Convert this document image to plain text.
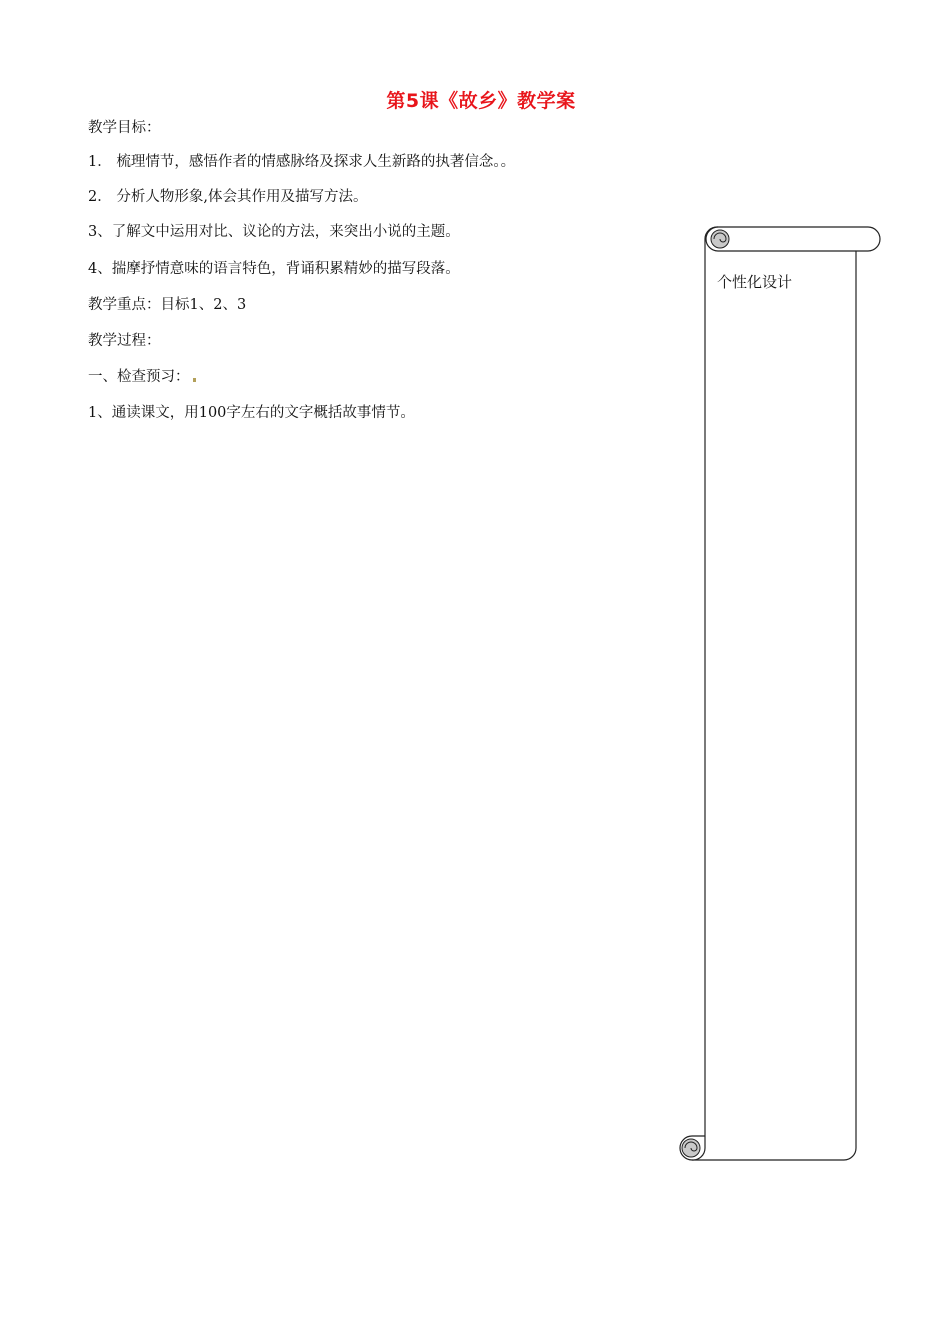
第5课《故乡》教学案
教学目标：
1． 梳理情节，感悟作者的情感脉络及探求人生新路的执著信念。。
2． 分析人物形象,体会其作用及描写方法。
3、了解文中运用对比、议论的方法，来突出小说的主题。
4、揣摩抒情意味的语言特色，背诵积累精妙的描写段落。
教学重点：目标1、2、3
教学过程：
一、检查预习：
1、通读课文，用100字左右的文字概括故事情节。
个性化设计
